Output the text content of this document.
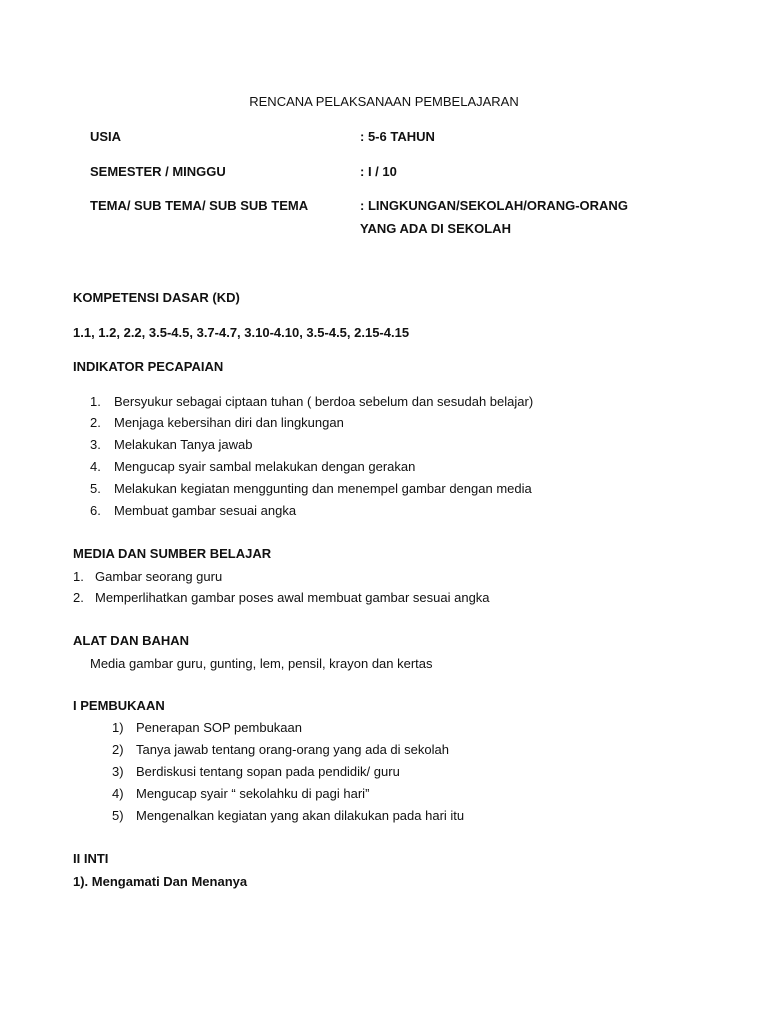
RENCANA PELAKSANAAN PEMBELAJARAN
USIA	: 5-6 TAHUN
SEMESTER / MINGGU	: I / 10
TEMA/ SUB TEMA/ SUB SUB TEMA	: LINGKUNGAN/SEKOLAH/ORANG-ORANG
YANG ADA DI SEKOLAH
KOMPETENSI DASAR (KD)
1.1, 1.2, 2.2, 3.5-4.5, 3.7-4.7, 3.10-4.10, 3.5-4.5, 2.15-4.15
INDIKATOR PECAPAIAN
1. Bersyukur sebagai ciptaan tuhan ( berdoa sebelum dan sesudah belajar)
2. Menjaga kebersihan diri dan lingkungan
3. Melakukan Tanya jawab
4. Mengucap syair sambal melakukan dengan gerakan
5. Melakukan kegiatan menggunting dan menempel gambar dengan media
6. Membuat gambar sesuai angka
MEDIA DAN SUMBER BELAJAR
1. Gambar seorang guru
2. Memperlihatkan gambar poses awal membuat gambar sesuai angka
ALAT DAN BAHAN
Media gambar guru, gunting, lem, pensil, krayon dan kertas
I PEMBUKAAN
1) Penerapan SOP pembukaan
2) Tanya jawab tentang orang-orang yang ada di sekolah
3) Berdiskusi tentang sopan pada pendidik/ guru
4) Mengucap syair “ sekolahku di pagi hari”
5) Mengenalkan kegiatan yang akan dilakukan pada hari itu
II INTI
1). Mengamati Dan Menanya
